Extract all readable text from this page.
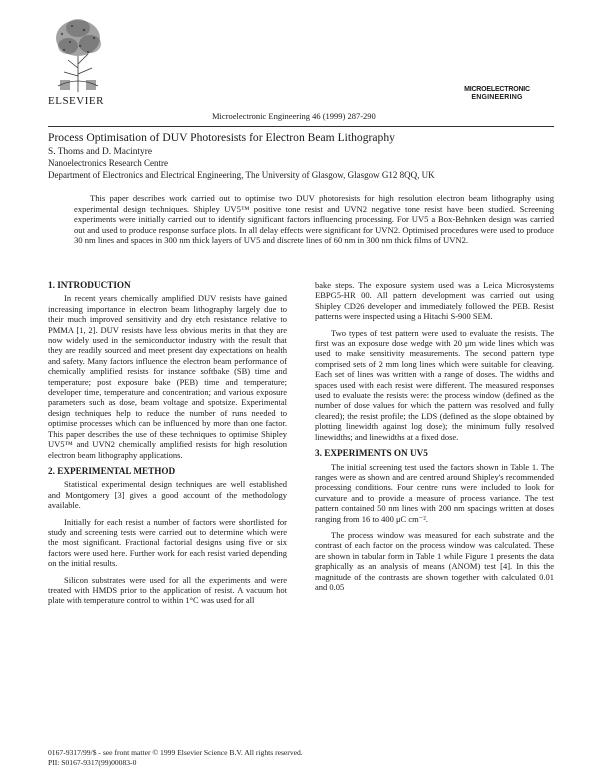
ELSEVIER
Microelectronic Engineering 46 (1999) 287-290
MICROELECTRONIC
ENGINEERING
Process Optimisation of DUV Photoresists for Electron Beam Lithography
S. Thoms and D. Macintyre
Nanoelectronics Research Centre
Department of Electronics and Electrical Engineering, The University of Glasgow, Glasgow G12 8QQ, UK
This paper describes work carried out to optimise two DUV photoresists for high resolution electron beam lithography using experimental design techniques. Shipley UV5™ positive tone resist and UVN2 negative tone resist have been studied. Screening experiments were initially carried out to identify significant factors influencing processing. For UV5 a Box-Behnken design was carried out and used to produce response surface plots. In all delay effects were significant for UVN2. Optimised procedures were used to produce 30 nm lines and spaces in 300 nm thick layers of UV5 and discrete lines of 60 nm in 300 nm thick films of UVN2.
1. INTRODUCTION

In recent years chemically amplified DUV resists have gained increasing importance in electron beam lithography largely due to their much improved sensitivity and dry etch resistance relative to PMMA [1, 2]. DUV resists have less obvious merits in that they are now widely used in the semiconductor industry with the result that they are readily sourced and meet present day expectations on health and safety. Many factors influence the electron beam performance of chemically amplified resists for instance softbake (SB) time and temperature; post exposure bake (PEB) time and temperature; developer time, temperature and concentration; and various exposure parameters such as dose, beam voltage and spotsize. Experimental design techniques help to reduce the number of runs needed to optimise processes which can be influenced by more than one factor. This paper describes the use of these techniques to optimise Shipley UV5™ and UVN2 chemically amplified resists for high resolution electron beam lithography applications.

2. EXPERIMENTAL METHOD

Statistical experimental design techniques are well established and Montgomery [3] gives a good account of the methodology available.

Initially for each resist a number of factors were shortlisted for study and screening tests were carried out to determine which were the most significant. Fractional factorial designs using five or six factors were used here. Further work for each resist varied depending on the initial results.

Silicon substrates were used for all the experiments and were treated with HMDS prior to the application of resist. A vacuum hot plate with temperature control to within 1°C was used for all

bake steps. The exposure system used was a Leica Microsystems EBPG5-HR 00. All pattern development was carried out using Shipley CD26 developer and immediately followed the PEB. Resist patterns were inspected using a Hitachi S-900 SEM.

Two types of test pattern were used to evaluate the resists. The first was an exposure dose wedge with 20 μm wide lines which was used to make sensitivity measurements. The second pattern type comprised sets of 2 mm long lines which were suitable for cleaving. Each set of lines was written with a range of doses. The widths and spaces used with each resist were different. The measured responses used to evaluate the resists were: the process window (defined as the number of dose values for which the pattern was resolved and fully cleared); the resist profile; the LDS (defined as the slope obtained by plotting linewidth against log dose); the minimum fully resolved linewidths; and linewidths at a fixed dose.

3. EXPERIMENTS ON UV5

The initial screening test used the factors shown in Table 1. The ranges were as shown and are centred around Shipley's recommended processing conditions. Four centre runs were included to look for curvature and to provide a measure of process variance. The test pattern contained 50 nm lines with 200 nm spacings written at doses ranging from 16 to 400 μC cm⁻².

The process window was measured for each substrate and the contrast of each factor on the process window was calculated. These are shown in tabular form in Table 1 while Figure 1 presents the data graphically as an analysis of means (ANOM) test [4]. In this the magnitude of the contrasts are shown together with calculated 0.01 and 0.05

0167-9317/99/$ - see front matter © 1999 Elsevier Science B.V. All rights reserved.
PII: S0167-9317(99)00083-0
